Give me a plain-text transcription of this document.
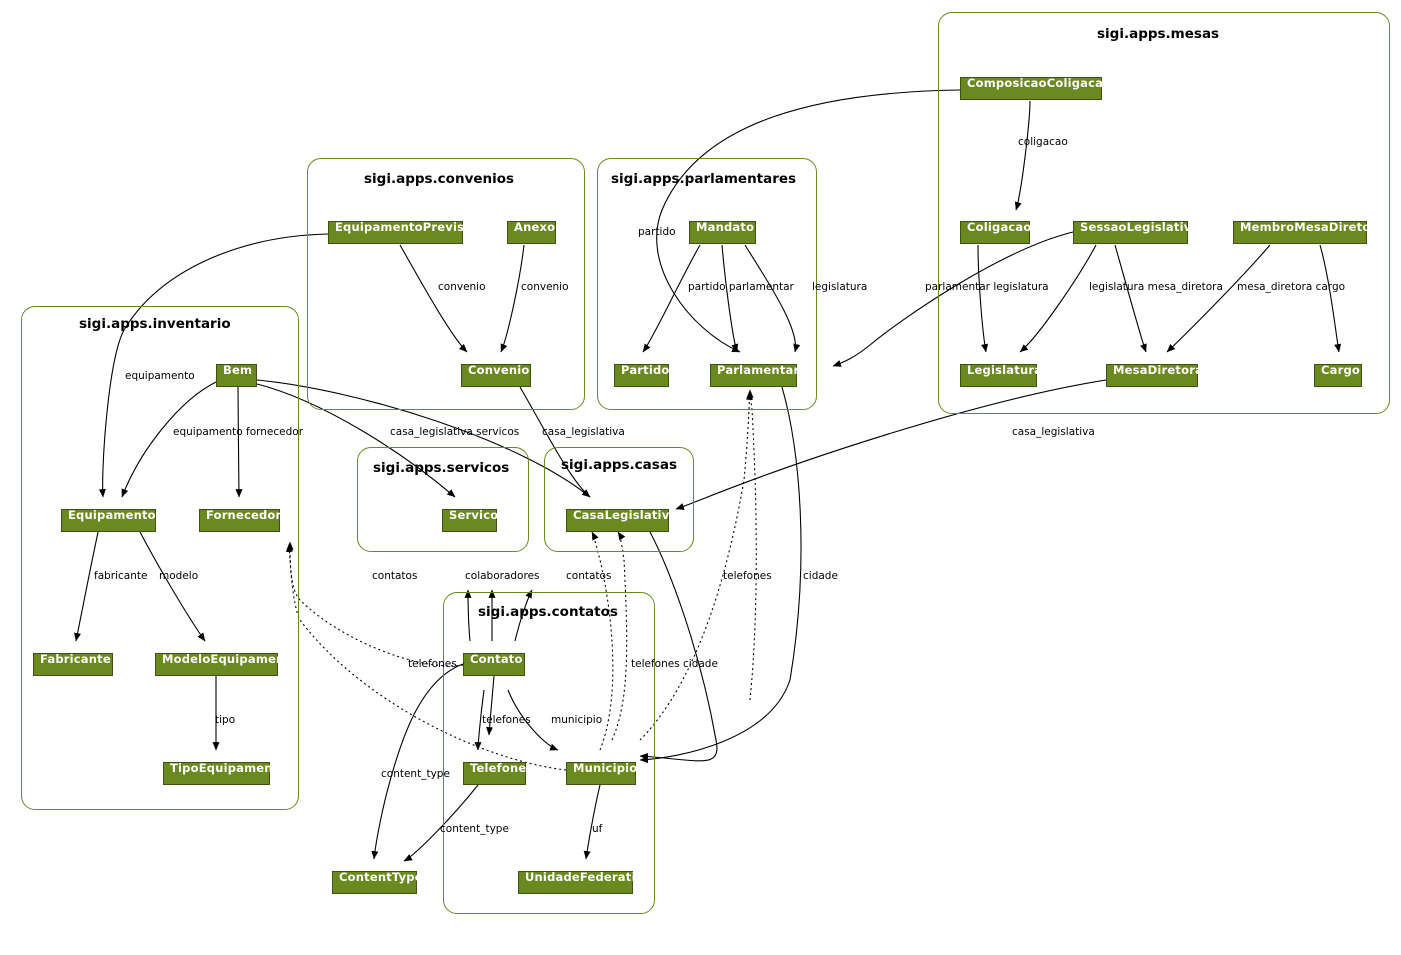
sigi.apps.mesas
sigi.apps.convenios	sigi.apps.parlamentares
sigi.apps.inventario
sigi.apps.servicos	sigi.apps.casas
sigi.apps.contatos
ComposicaoColigacao
Coligacao	SessaoLegislativa	MembroMesaDiretora
Legislatura	MesaDiretora	Cargo
EquipamentoPrevisto	Anexo
Convenio
Mandato
Partido	Parlamentar
Bem
Equipamento	Fornecedor
Fabricante	ModeloEquipamento
TipoEquipamento
Servico	CasaLegislativa
Contato
Telefone	Municipio
ContentType	UnidadeFederativa
coligacao
parlamentar legislatura	legislatura mesa_diretora mesa_diretora cargo
convenio	convenio
partido
partido parlamentar legislatura
equipamento
equipamento fornecedor	casa_legislativa servicos casa_legislativa	casa_legislativa
fabricante modelo	contatos	colaboradores	contatos	telefones	cidade
telefones	telefones cidade
telefones municipio
tipo
content_type
content_type	uf
